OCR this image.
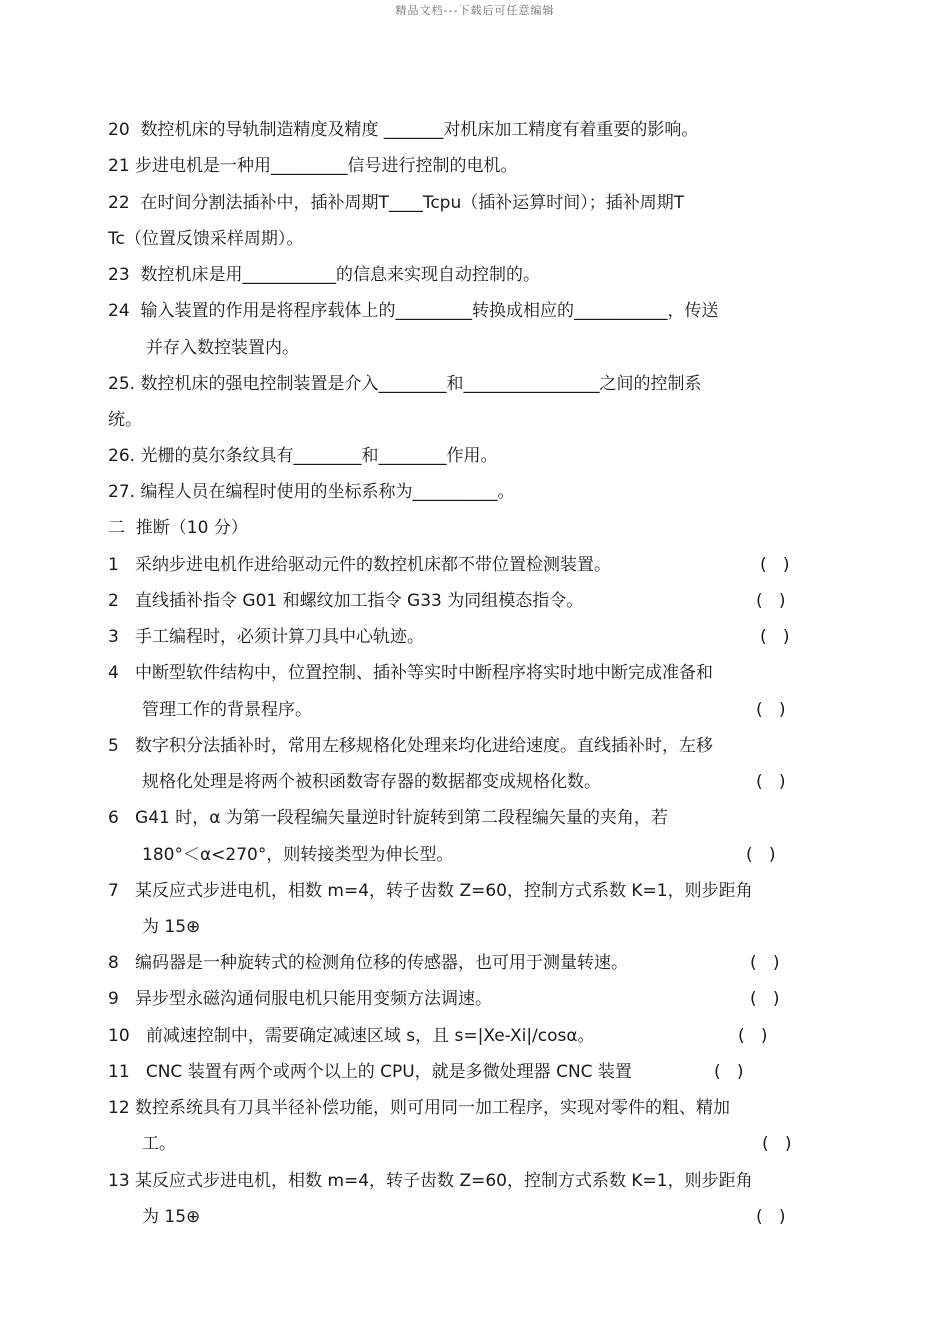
精品文档---下载后可任意编辑
20  数控机床的导轨制造精度及精度 _______对机床加工精度有着重要的影响。
21 步进电机是一种用_________信号进行控制的电机。
22  在时间分割法插补中，插补周期T____Tcpu（插补运算时间）；插补周期T
Tc（位置反馈采样周期）。
23  数控机床是用___________的信息来实现自动控制的。
24  输入装置的作用是将程序载体上的_________转换成相应的___________，传送
并存入数控装置内。
25. 数控机床的强电控制装置是介入________和________________之间的控制系
统。
26. 光栅的莫尔条纹具有________和________作用。
27. 编程人员在编程时使用的坐标系称为__________。
二  推断（10 分）
1   采纳步进电机作进给驱动元件的数控机床都不带位置检测装置。	(   )
2   直线插补指令 G01 和螺纹加工指令 G33 为同组模态指令。	(   )
3   手工编程时，必须计算刀具中心轨迹。	(   )
4   中断型软件结构中，位置控制、插补等实时中断程序将实时地中断完成准备和
管理工作的背景程序。	(   )
5   数字积分法插补时，常用左移规格化处理来均化进给速度。直线插补时，左移
规格化处理是将两个被积函数寄存器的数据都变成规格化数。	(   )
6   G41 时，α 为第一段程编矢量逆时针旋转到第二段程编矢量的夹角，若
180°＜α<270°，则转接类型为伸长型。	(   )
7   某反应式步进电机，相数 m=4，转子齿数 Z=60，控制方式系数 K=1，则步距角
为 15⊕
8   编码器是一种旋转式的检测角位移的传感器，也可用于测量转速。	(   )
9   异步型永磁沟通伺服电机只能用变频方法调速。	(   )
10   前减速控制中，需要确定减速区域 s，且 s=|Xe-Xi|/cosα。	(   )
11   CNC 装置有两个或两个以上的 CPU，就是多微处理器 CNC 装置	(   )
12 数控系统具有刀具半径补偿功能，则可用同一加工程序，实现对零件的粗、精加
工。	(   )
13 某反应式步进电机，相数 m=4，转子齿数 Z=60，控制方式系数 K=1，则步距角
为 15⊕	(   )
